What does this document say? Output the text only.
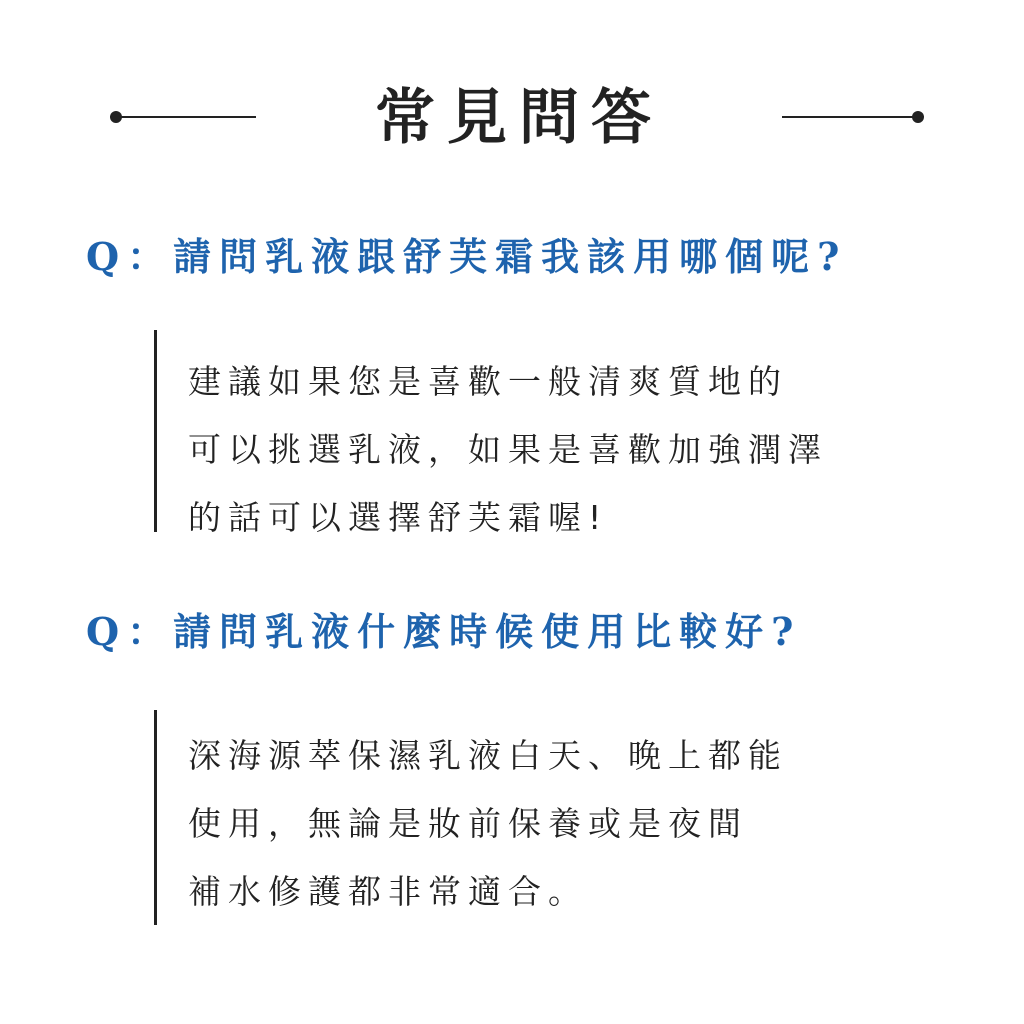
常見問答
Q：請問乳液跟舒芙霜我該用哪個呢?
建議如果您是喜歡一般清爽質地的
可以挑選乳液，如果是喜歡加強潤澤
的話可以選擇舒芙霜喔!
Q：請問乳液什麼時候使用比較好?
深海源萃保濕乳液白天、晚上都能
使用，無論是妝前保養或是夜間
補水修護都非常適合。
